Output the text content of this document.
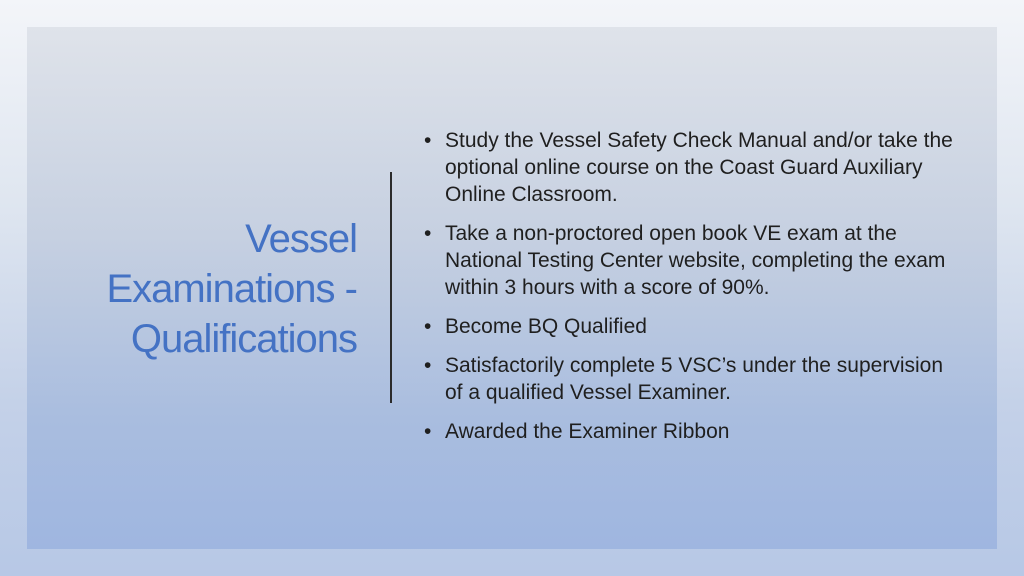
Vessel
Examinations -
Qualifications
• Study the Vessel Safety Check Manual and/or take the optional online course on the Coast Guard Auxiliary Online Classroom.
• Take a non-proctored open book VE exam at the National Testing Center website, completing the exam within 3 hours with a score of 90%.
• Become BQ Qualified
• Satisfactorily complete 5 VSC’s under the supervision of a qualified Vessel Examiner.
• Awarded the Examiner Ribbon
